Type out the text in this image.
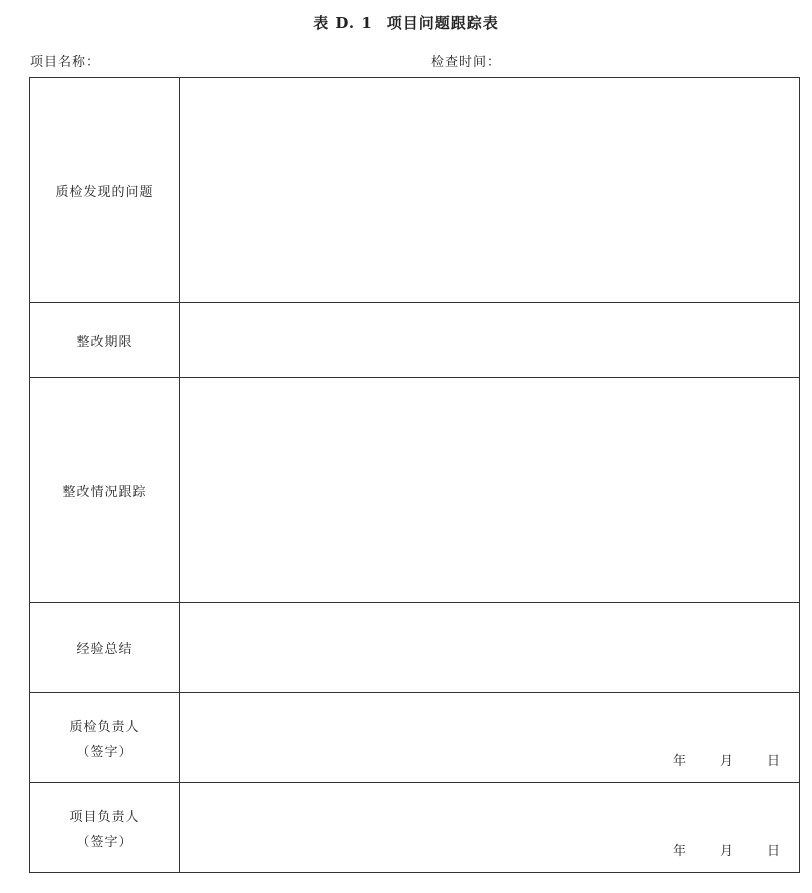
表 D. 1 项目问题跟踪表
项目名称：	检查时间：
质检发现的问题	
整改期限	
整改情况跟踪	
经验总结	
质检负责人
（签字）	年 月 日

项目负责人
（签字）	年 月 日
